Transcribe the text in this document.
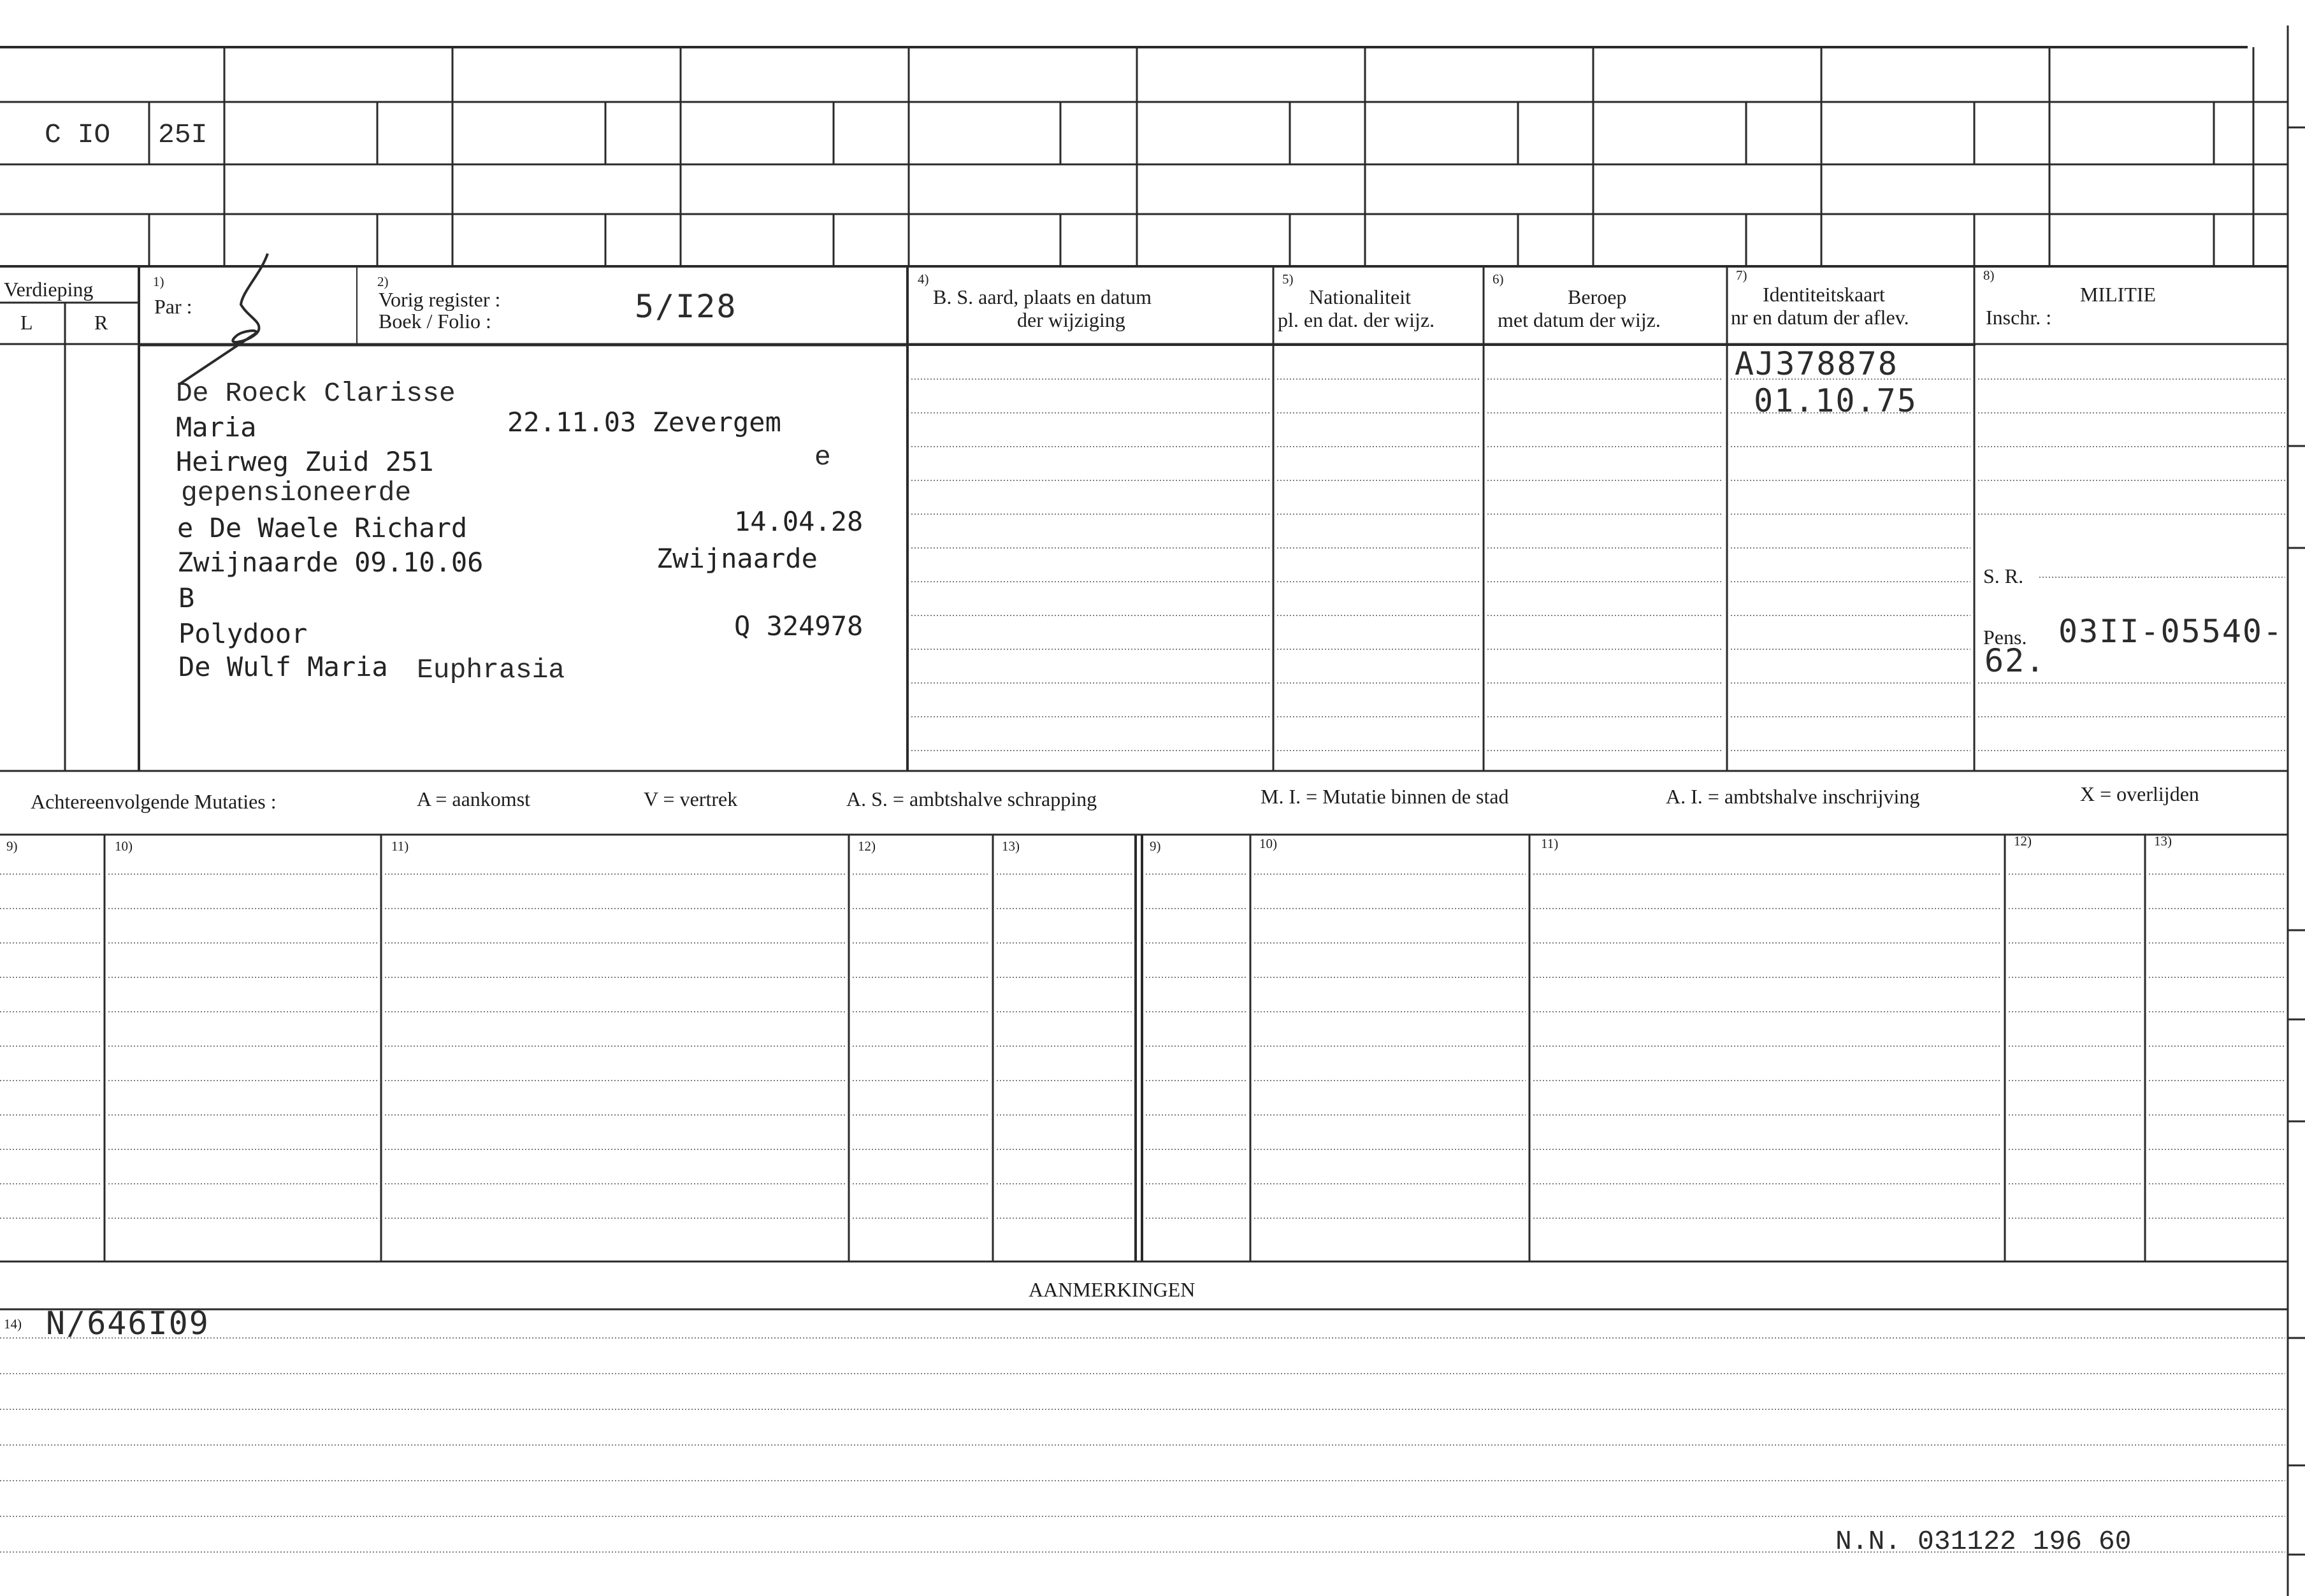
C IO 25I
Verdieping
L	R
1)
Par :
2)
Vorig register :
Boek / Folio :	5/I28
4)
B. S. aard, plaats en datum
der wijziging
5)
Nationaliteit
pl. en dat. der wijz.
6)
Beroep
met datum der wijz.
7)
Identiteitskaart
nr en datum der aflev.
8)
MILITIE
Inschr. :
De Roeck Clarisse
Maria	22.11.03 Zevergem
Heirweg Zuid 251	e
gepensioneerde
e De Waele Richard	14.04.28
Zwijnaarde 09.10.06	Zwijnaarde
B
Polydoor	Q 324978
De Wulf Maria Euphrasia
AJ378878
01.10.75
S. R.
Pens. 03II-05540-
62.
Achtereenvolgende Mutaties :	A = aankomst	V = vertrek	A. S. = ambtshalve schrapping	M. I. = Mutatie binnen de stad	A. I. = ambtshalve inschrijving	X = overlijden
9)	10)	11)	12)	13)	9)	10)	11)	12)	13)
AANMERKINGEN
14) N/646I09
N.N. 031122 196 60
